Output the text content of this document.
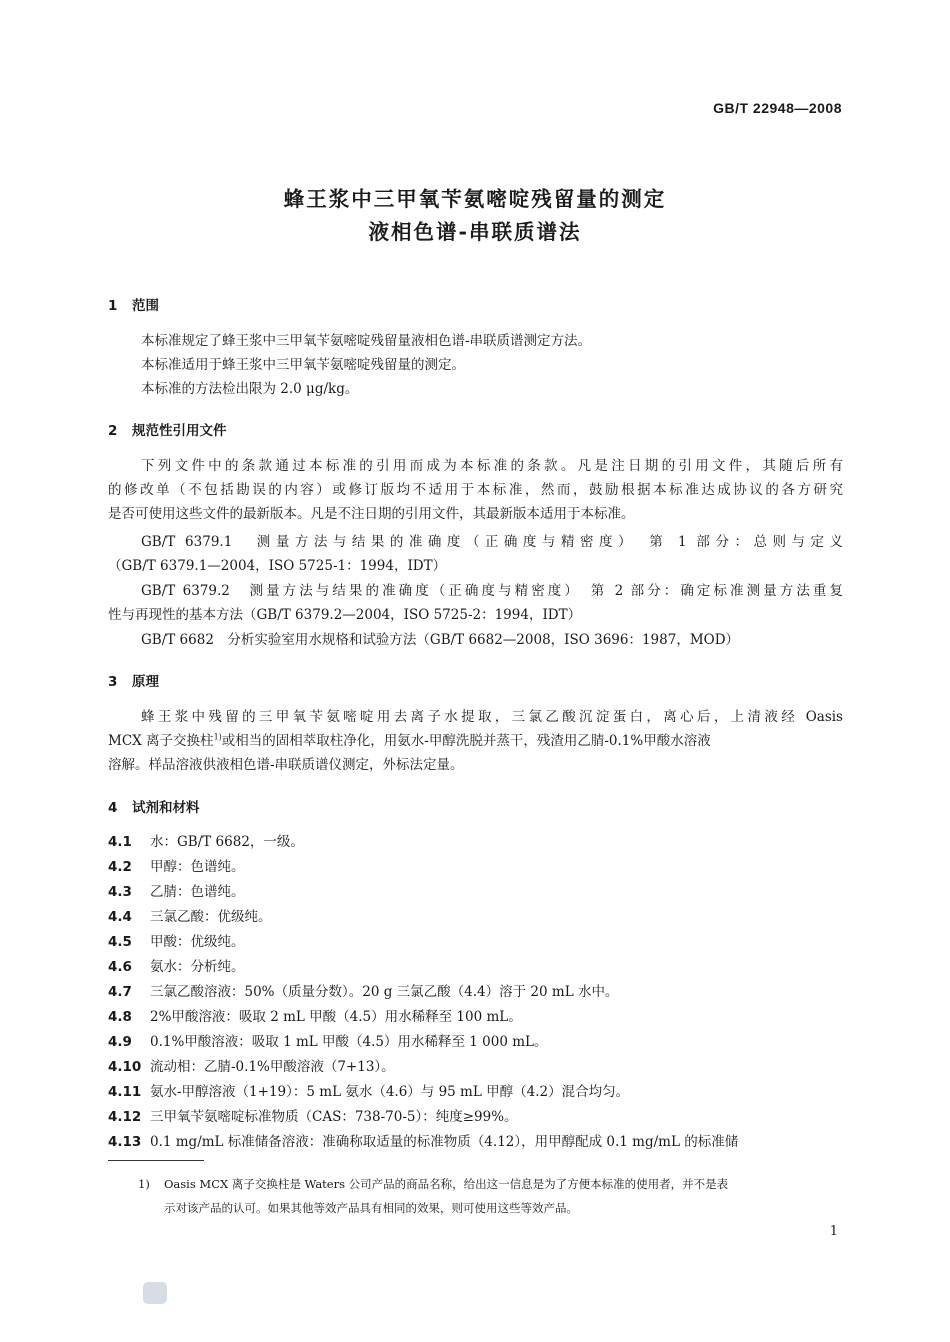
GB/T 22948—2008
蜂王浆中三甲氧苄氨嘧啶残留量的测定
液相色谱-串联质谱法
1 范围
本标准规定了蜂王浆中三甲氧苄氨嘧啶残留量液相色谱-串联质谱测定方法。
本标准适用于蜂王浆中三甲氧苄氨嘧啶残留量的测定。
本标准的方法检出限为 2.0 μg/kg。
2 规范性引用文件
下列文件中的条款通过本标准的引用而成为本标准的条款。凡是注日期的引用文件，其随后所有
的修改单（不包括勘误的内容）或修订版均不适用于本标准，然而，鼓励根据本标准达成协议的各方研究
是否可使用这些文件的最新版本。凡是不注日期的引用文件，其最新版本适用于本标准。
GB/T 6379.1　测量方法与结果的准确度（正确度与精密度）　第 1 部分：总则与定义
（GB/T 6379.1—2004，ISO 5725-1：1994，IDT）
GB/T 6379.2　测量方法与结果的准确度（正确度与精密度）　第 2 部分：确定标准测量方法重复
性与再现性的基本方法（GB/T 6379.2—2004，ISO 5725-2：1994，IDT）
GB/T 6682　分析实验室用水规格和试验方法（GB/T 6682—2008，ISO 3696：1987，MOD）
3 原理
蜂王浆中残留的三甲氧苄氨嘧啶用去离子水提取，三氯乙酸沉淀蛋白，离心后，上清液经 Oasis
MCX 离子交换柱$^{1)}$或相当的固相萃取柱净化，用氨水-甲醇洗脱并蒸干，残渣用乙腈-0.1%甲酸水溶液
溶解。样品溶液供液相色谱-串联质谱仪测定，外标法定量。
4 试剂和材料
4.1 水：GB/T 6682，一级。
4.2 甲醇：色谱纯。
4.3 乙腈：色谱纯。
4.4 三氯乙酸：优级纯。
4.5 甲酸：优级纯。
4.6 氨水：分析纯。
4.7 三氯乙酸溶液：50%（质量分数）。20 g 三氯乙酸（4.4）溶于 20 mL 水中。
4.8 2%甲酸溶液：吸取 2 mL 甲酸（4.5）用水稀释至 100 mL。
4.9 0.1%甲酸溶液：吸取 1 mL 甲酸（4.5）用水稀释至 1 000 mL。
4.10 流动相：乙腈-0.1%甲酸溶液（7+13）。
4.11 氨水-甲醇溶液（1+19）：5 mL 氨水（4.6）与 95 mL 甲醇（4.2）混合均匀。
4.12 三甲氧苄氨嘧啶标准物质（CAS：738-70-5）：纯度≥99%。
4.13 0.1 mg/mL 标准储备溶液：准确称取适量的标准物质（4.12），用甲醇配成 0.1 mg/mL 的标准储
1) Oasis MCX 离子交换柱是 Waters 公司产品的商品名称，给出这一信息是为了方便本标准的使用者，并不是表
示对该产品的认可。如果其他等效产品具有相同的效果，则可使用这些等效产品。
1
